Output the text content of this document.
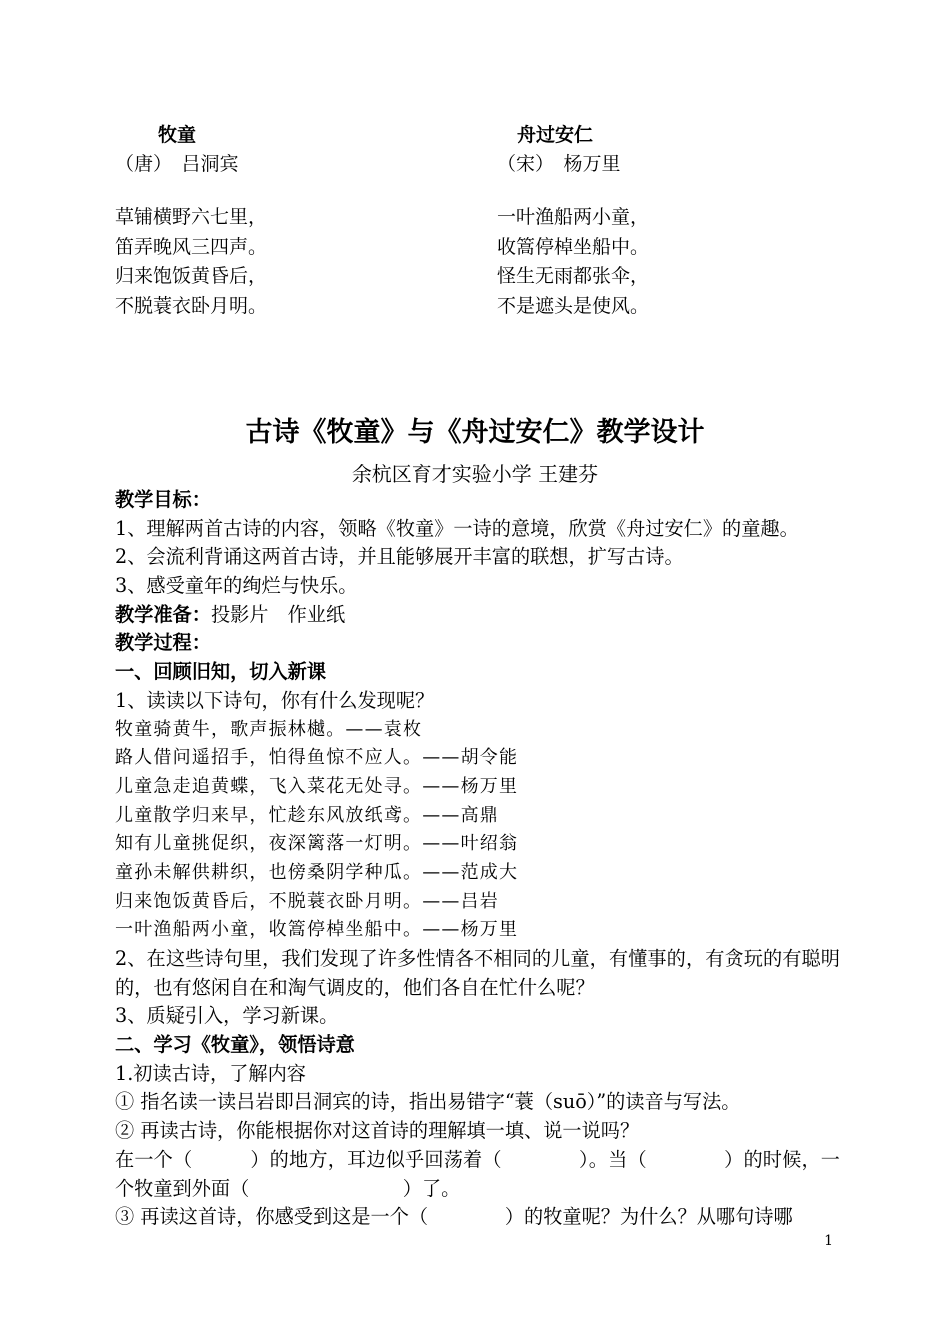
牧童
（唐）　吕洞宾
草铺横野六七里，
笛弄晚风三四声。
归来饱饭黄昏后，
不脱蓑衣卧月明。
舟过安仁
（宋）　杨万里
一叶渔船两小童，
收篙停棹坐船中。
怪生无雨都张伞，
不是遮头是使风。
古诗《牧童》与《舟过安仁》教学设计
余杭区育才实验小学 王建芬
教学目标：
1、理解两首古诗的内容，领略《牧童》一诗的意境，欣赏《舟过安仁》的童趣。
2、会流利背诵这两首古诗，并且能够展开丰富的联想，扩写古诗。
3、感受童年的绚烂与快乐。
教学准备：投影片　作业纸
教学过程：
一、回顾旧知，切入新课
1、读读以下诗句，你有什么发现呢？
牧童骑黄牛，歌声振林樾。——袁枚
路人借问遥招手，怕得鱼惊不应人。——胡令能
儿童急走追黄蝶，飞入菜花无处寻。——杨万里
儿童散学归来早，忙趁东风放纸鸢。——高鼎
知有儿童挑促织，夜深篱落一灯明。——叶绍翁
童孙未解供耕织，也傍桑阴学种瓜。——范成大
归来饱饭黄昏后，不脱蓑衣卧月明。——吕岩
一叶渔船两小童，收篙停棹坐船中。——杨万里
2、在这些诗句里，我们发现了许多性情各不相同的儿童，有懂事的，有贪玩的有聪明的，也有悠闲自在和淘气调皮的，他们各自在忙什么呢？
3、质疑引入，学习新课。
二、学习《牧童》，领悟诗意
1.初读古诗，了解内容
① 指名读一读吕岩即吕洞宾的诗，指出易错字“蓑（suō）”的读音与写法。
② 再读古诗，你能根据你对这首诗的理解填一填、说一说吗？
在一个（　　　）的地方，耳边似乎回荡着（　　　　）。当（　　　　）的时候，一个牧童到外面（　　　　　　　　）了。
③ 再读这首诗，你感受到这是一个（　　　　）的牧童呢？为什么？从哪句诗哪
1
